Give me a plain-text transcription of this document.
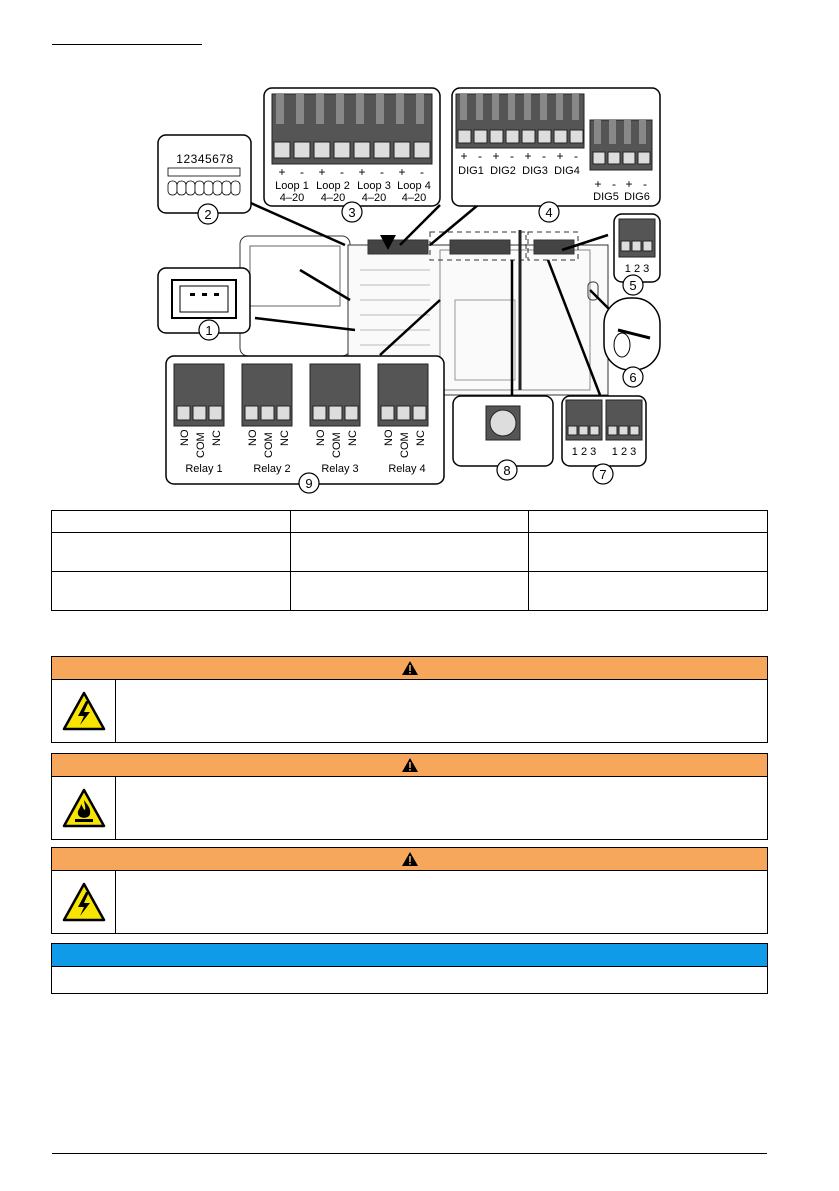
12345678
+ - + - + - + -
Loop 1 Loop 2 Loop 3 Loop 4
4–20 4–20 4–20 4–20
+ - + - + - + -
DIG1 DIG2 DIG3 DIG4
+ - + -
DIG5 DIG6
1 2 3
NO COM NC NO COM NC NO COM NC NO COM NC
Relay 1	Relay 2	Relay 3	Relay 4
1 2 3 1 2 3
2
1
3	4
5
6
7
8
9
